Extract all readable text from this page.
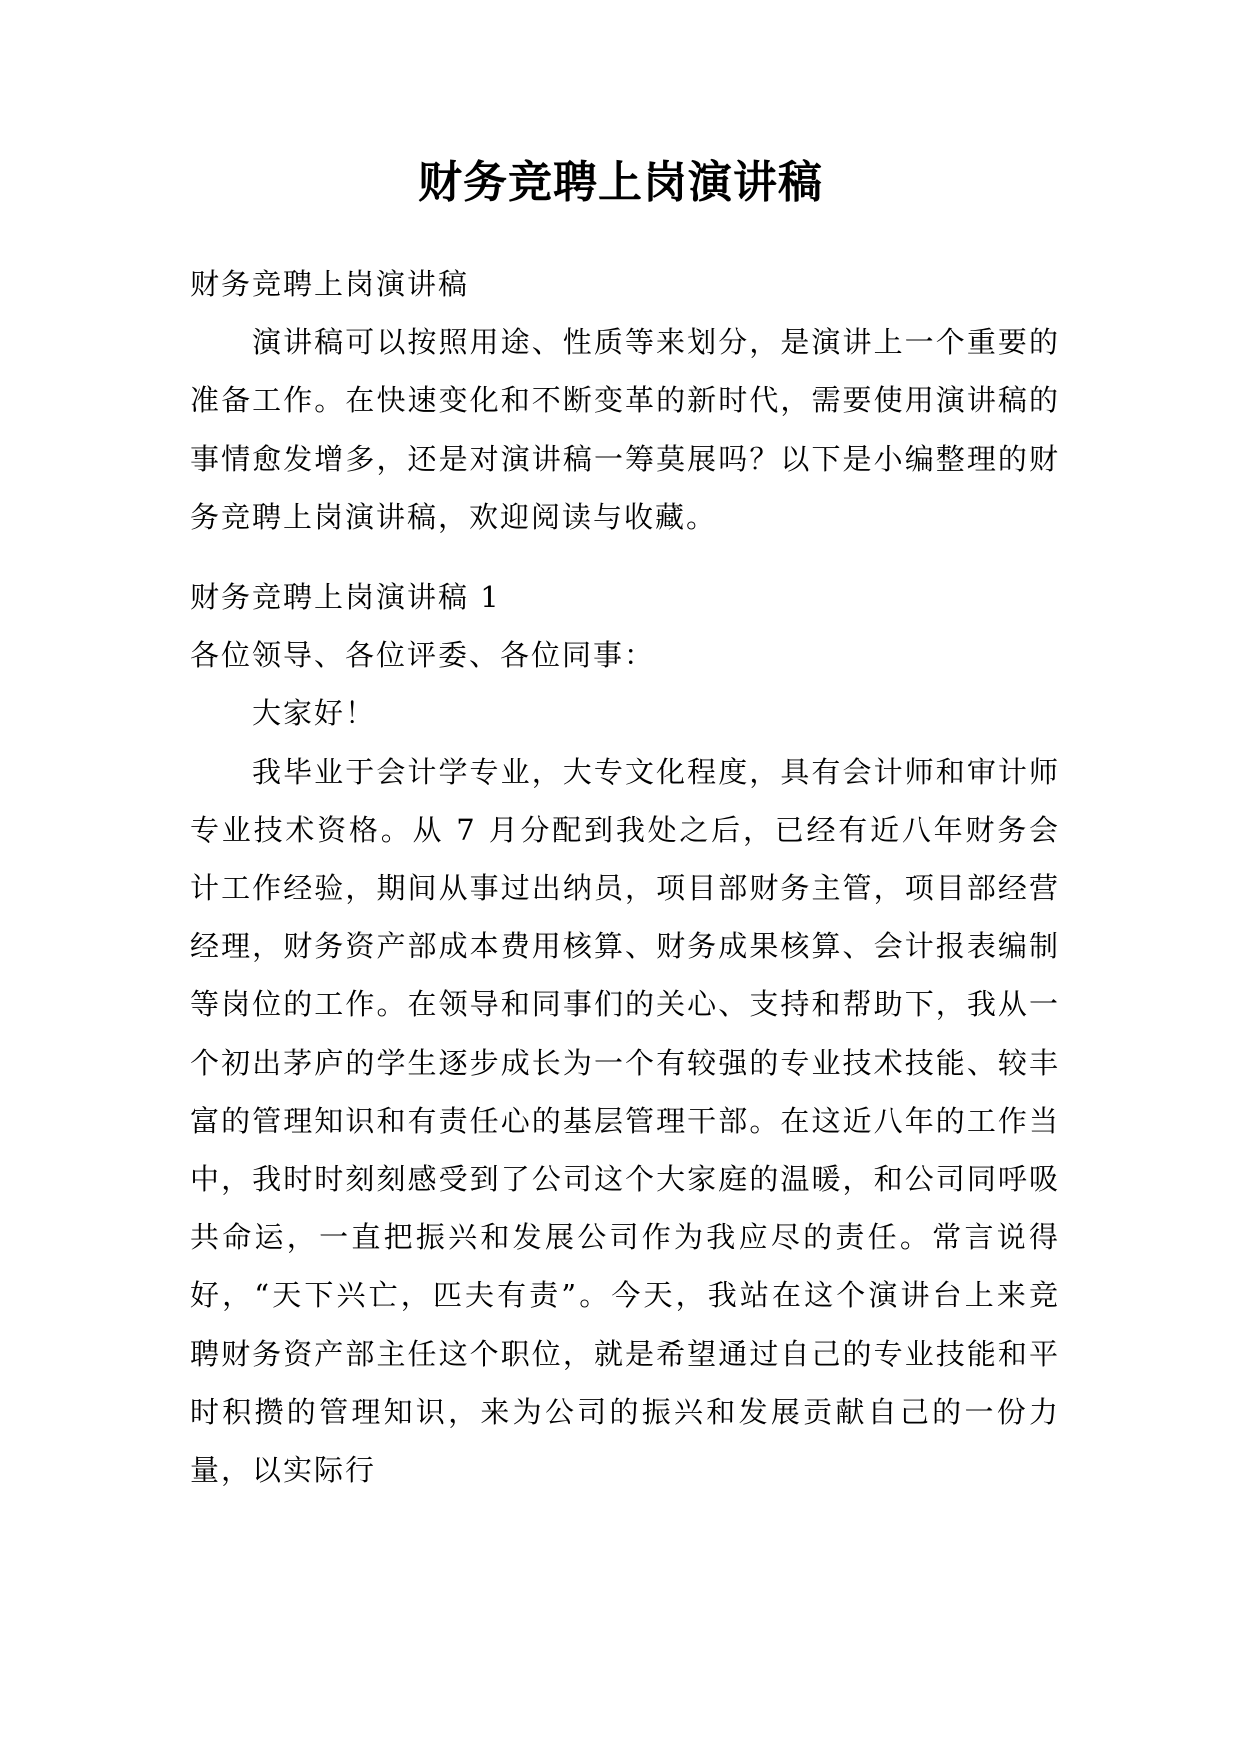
财务竞聘上岗演讲稿

财务竞聘上岗演讲稿

演讲稿可以按照用途、性质等来划分，是演讲上一个重要的准备工作。在快速变化和不断变革的新时代，需要使用演讲稿的事情愈发增多，还是对演讲稿一筹莫展吗？以下是小编整理的财务竞聘上岗演讲稿，欢迎阅读与收藏。

财务竞聘上岗演讲稿 1

各位领导、各位评委、各位同事：

大家好！

我毕业于会计学专业，大专文化程度，具有会计师和审计师专业技术资格。从 7 月分配到我处之后，已经有近八年财务会计工作经验，期间从事过出纳员，项目部财务主管，项目部经营经理，财务资产部成本费用核算、财务成果核算、会计报表编制等岗位的工作。在领导和同事们的关心、支持和帮助下，我从一个初出茅庐的学生逐步成长为一个有较强的专业技术技能、较丰富的管理知识和有责任心的基层管理干部。在这近八年的工作当中，我时时刻刻感受到了公司这个大家庭的温暖，和公司同呼吸共命运，一直把振兴和发展公司作为我应尽的责任。常言说得好，“天下兴亡，匹夫有责”。今天，我站在这个演讲台上来竞聘财务资产部主任这个职位，就是希望通过自己的专业技能和平时积攒的管理知识，来为公司的振兴和发展贡献自己的一份力量，以实际行
